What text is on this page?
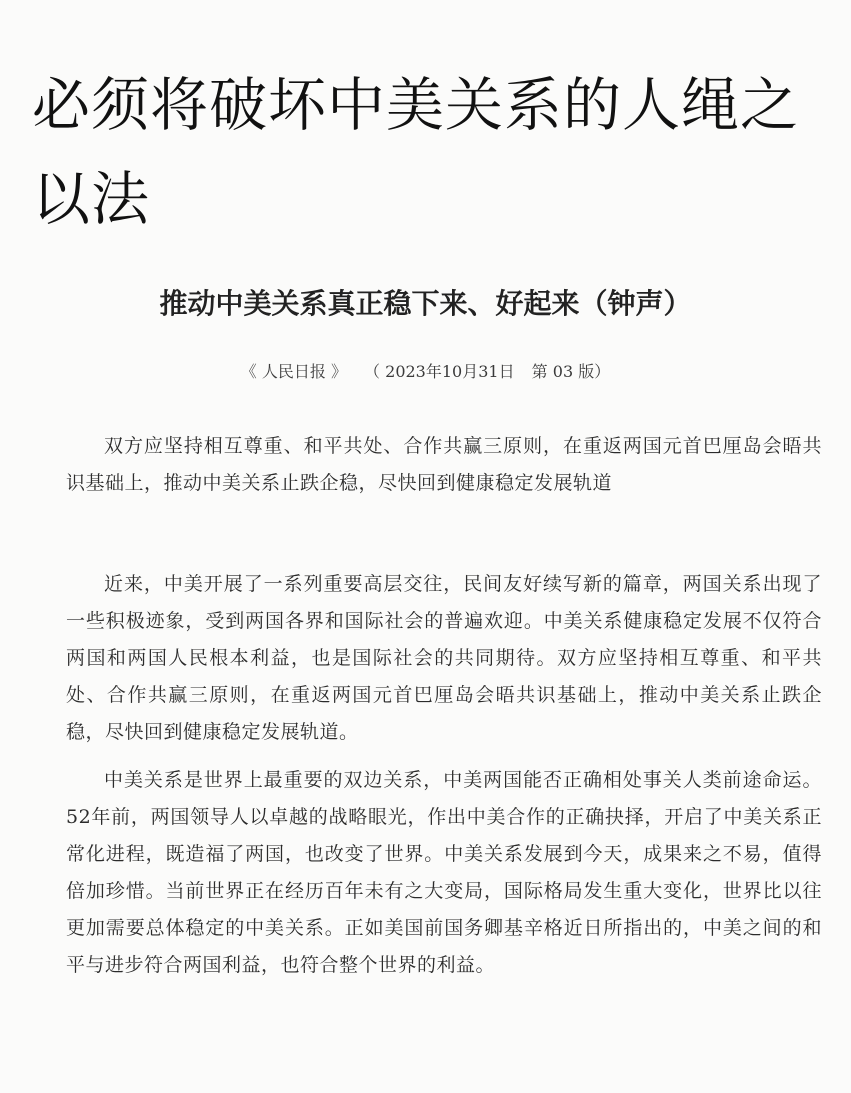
必须将破坏中美关系的人绳之以法
推动中美关系真正稳下来、好起来（钟声）
《 人民日报 》 （ 2023年10月31日 第 03 版）

双方应坚持相互尊重、和平共处、合作共赢三原则，在重返两国元首巴厘岛会晤共识基础上，推动中美关系止跌企稳，尽快回到健康稳定发展轨道

近来，中美开展了一系列重要高层交往，民间友好续写新的篇章，两国关系出现了一些积极迹象，受到两国各界和国际社会的普遍欢迎。中美关系健康稳定发展不仅符合两国和两国人民根本利益，也是国际社会的共同期待。双方应坚持相互尊重、和平共处、合作共赢三原则，在重返两国元首巴厘岛会晤共识基础上，推动中美关系止跌企稳，尽快回到健康稳定发展轨道。

中美关系是世界上最重要的双边关系，中美两国能否正确相处事关人类前途命运。52年前，两国领导人以卓越的战略眼光，作出中美合作的正确抉择，开启了中美关系正常化进程，既造福了两国，也改变了世界。中美关系发展到今天，成果来之不易，值得倍加珍惜。当前世界正在经历百年未有之大变局，国际格局发生重大变化，世界比以往更加需要总体稳定的中美关系。正如美国前国务卿基辛格近日所指出的，中美之间的和平与进步符合两国利益，也符合整个世界的利益。
